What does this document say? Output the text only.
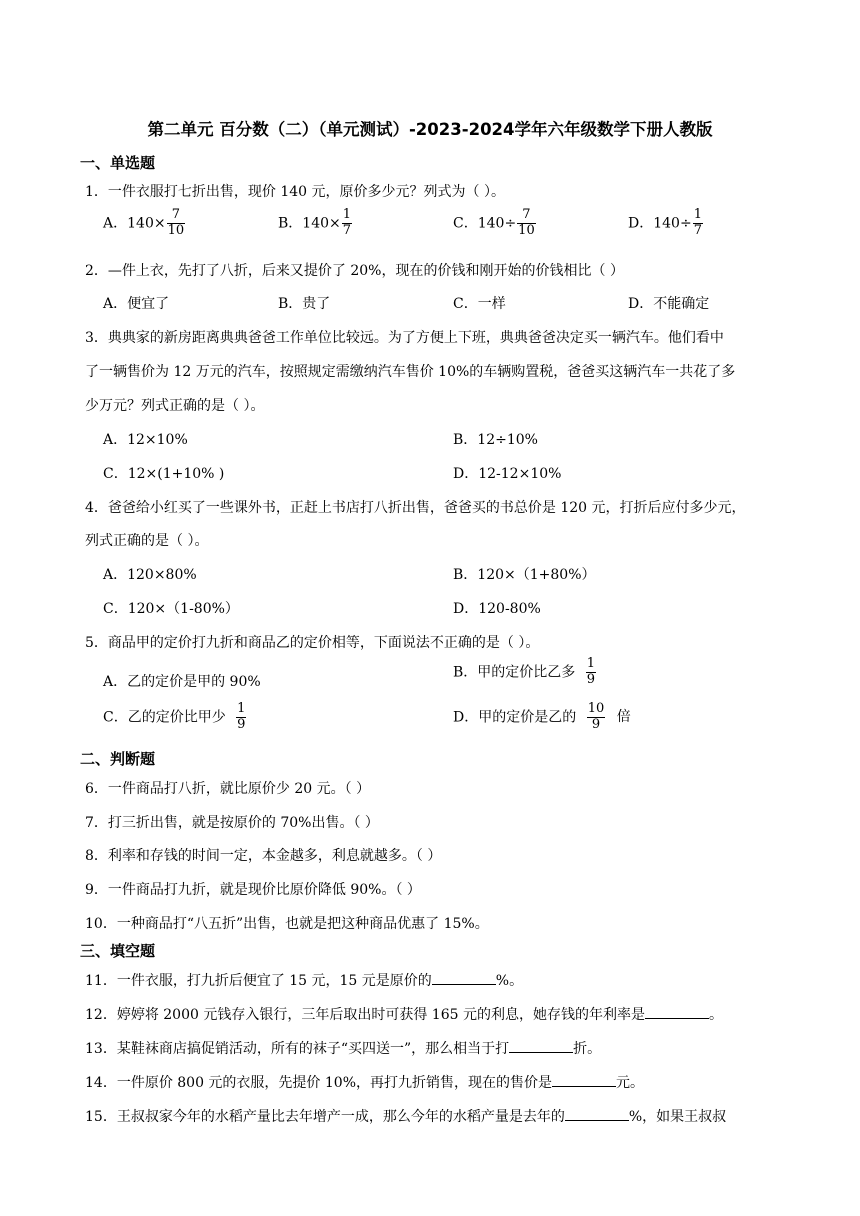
第二单元 百分数（二）（单元测试）-2023-2024学年六年级数学下册人教版
一、单选题
1．一件衣服打七折出售，现价 140 元，原价多少元？列式为（ ）。
A．$140\times \frac{7}{10}$	B．$140\times \frac{1}{7}$	C．$140\div \frac{7}{10}$	D．$140\div \frac{1}{7}$
2．—件上衣，先打了八折，后来又提价了 20%，现在的价钱和刚开始的价钱相比（ ）
A．便宜了	B．贵了	C．一样	D．不能确定
3．典典家的新房距离典典爸爸工作单位比较远。为了方便上下班，典典爸爸决定买一辆汽车。他们看中
了一辆售价为 12 万元的汽车，按照规定需缴纳汽车售价 10%的车辆购置税，爸爸买这辆汽车一共花了多
少万元？列式正确的是（ ）。
A．12×10%	B．12÷10%
C．12×(1+10% )	D．12-12×10%
4．爸爸给小红买了一些课外书，正赶上书店打八折出售，爸爸买的书总价是 120 元，打折后应付多少元，
列式正确的是（ ）。
A．120×80%	B．120×（1+80%）
C．120×（1-80%）	D．120-80%
5．商品甲的定价打九折和商品乙的定价相等，下面说法不正确的是（ ）。
A．乙的定价是甲的 90%
B．甲的定价比乙多 $\frac{1}{9}$
C．乙的定价比甲少 $\frac{1}{9}$	D．甲的定价是乙的 $\frac{10}{9}$ 倍
二、判断题
6．一件商品打八折，就比原价少 20 元。（ ）
7．打三折出售，就是按原价的 70%出售。（ ）
8．利率和存钱的时间一定，本金越多，利息就越多。（ ）
9．一件商品打九折，就是现价比原价降低 90%。（ ）
10．一种商品打“八五折”出售，也就是把这种商品优惠了 15%。
三、填空题
11．一件衣服，打九折后便宜了 15 元，15 元是原价的	%。
12．婷婷将 2000 元钱存入银行，三年后取出时可获得 165 元的利息，她存钱的年利率是	。
13．某鞋袜商店搞促销活动，所有的袜子“买四送一”，那么相当于打	折。
14．一件原价 800 元的衣服，先提价 10%，再打九折销售，现在的售价是	元。
15．王叔叔家今年的水稻产量比去年增产一成，那么今年的水稻产量是去年的	%，如果王叔叔
